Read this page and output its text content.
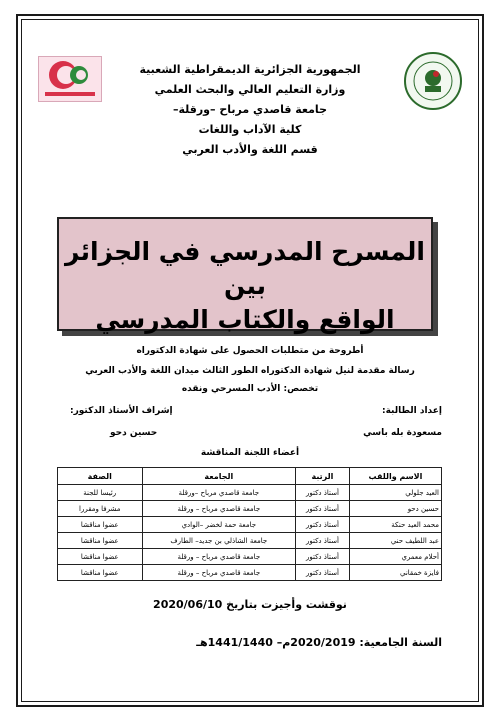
الجمهورية الجزائرية الديمقراطية الشعبية
وزارة التعليم العالي والبحث العلمي
جامعة قاصدي مرباح –ورقلة–
كلية الآداب واللغات
قسم اللغة والأدب العربي
المسرح المدرسي في الجزائر بين
الواقع والكتاب المدرسي
أطروحة من متطلبات الحصول على شهادة الدكتوراه
رسالة مقدمة لنيل شهادة الدكتوراه الطور الثالث ميدان اللغة والأدب العربي
تخصص: الأدب المسرحي ونقده
إعداد الطالبة:
إشراف الأستاذ الدكتور:
مسعودة بله باسي
حسين دحو
أعضاء اللجنة المناقشة
الاسم واللقب	الرتبة	الجامعة	الصفة
العيد جلولي	أستاذ دكتور	جامعة قاصدي مرباح –ورقلة	رئيسا للجنة
حسين دحو	أستاذ دكتور	جامعة قاصدي مرباح – ورقلة	مشرفا ومقررا
محمد العيد حنكة	أستاذ دكتور	جامعة حمة لخضر –الوادي	عضوا مناقشا
عبد اللطيف حني	أستاذ دكتور	جامعة الشاذلي بن جديد– الطارف	عضوا مناقشا
أحلام معمري	أستاذ دكتور	جامعة قاصدي مرباح – ورقلة	عضوا مناقشا
فايزة خمقاني	أستاذ دكتور	جامعة قاصدي مرباح – ورقلة	عضوا مناقشا
نوقشت وأجيزت بتاريخ 2020/06/10
السنة الجامعية: 2020/2019م– 1441/1440هـ
